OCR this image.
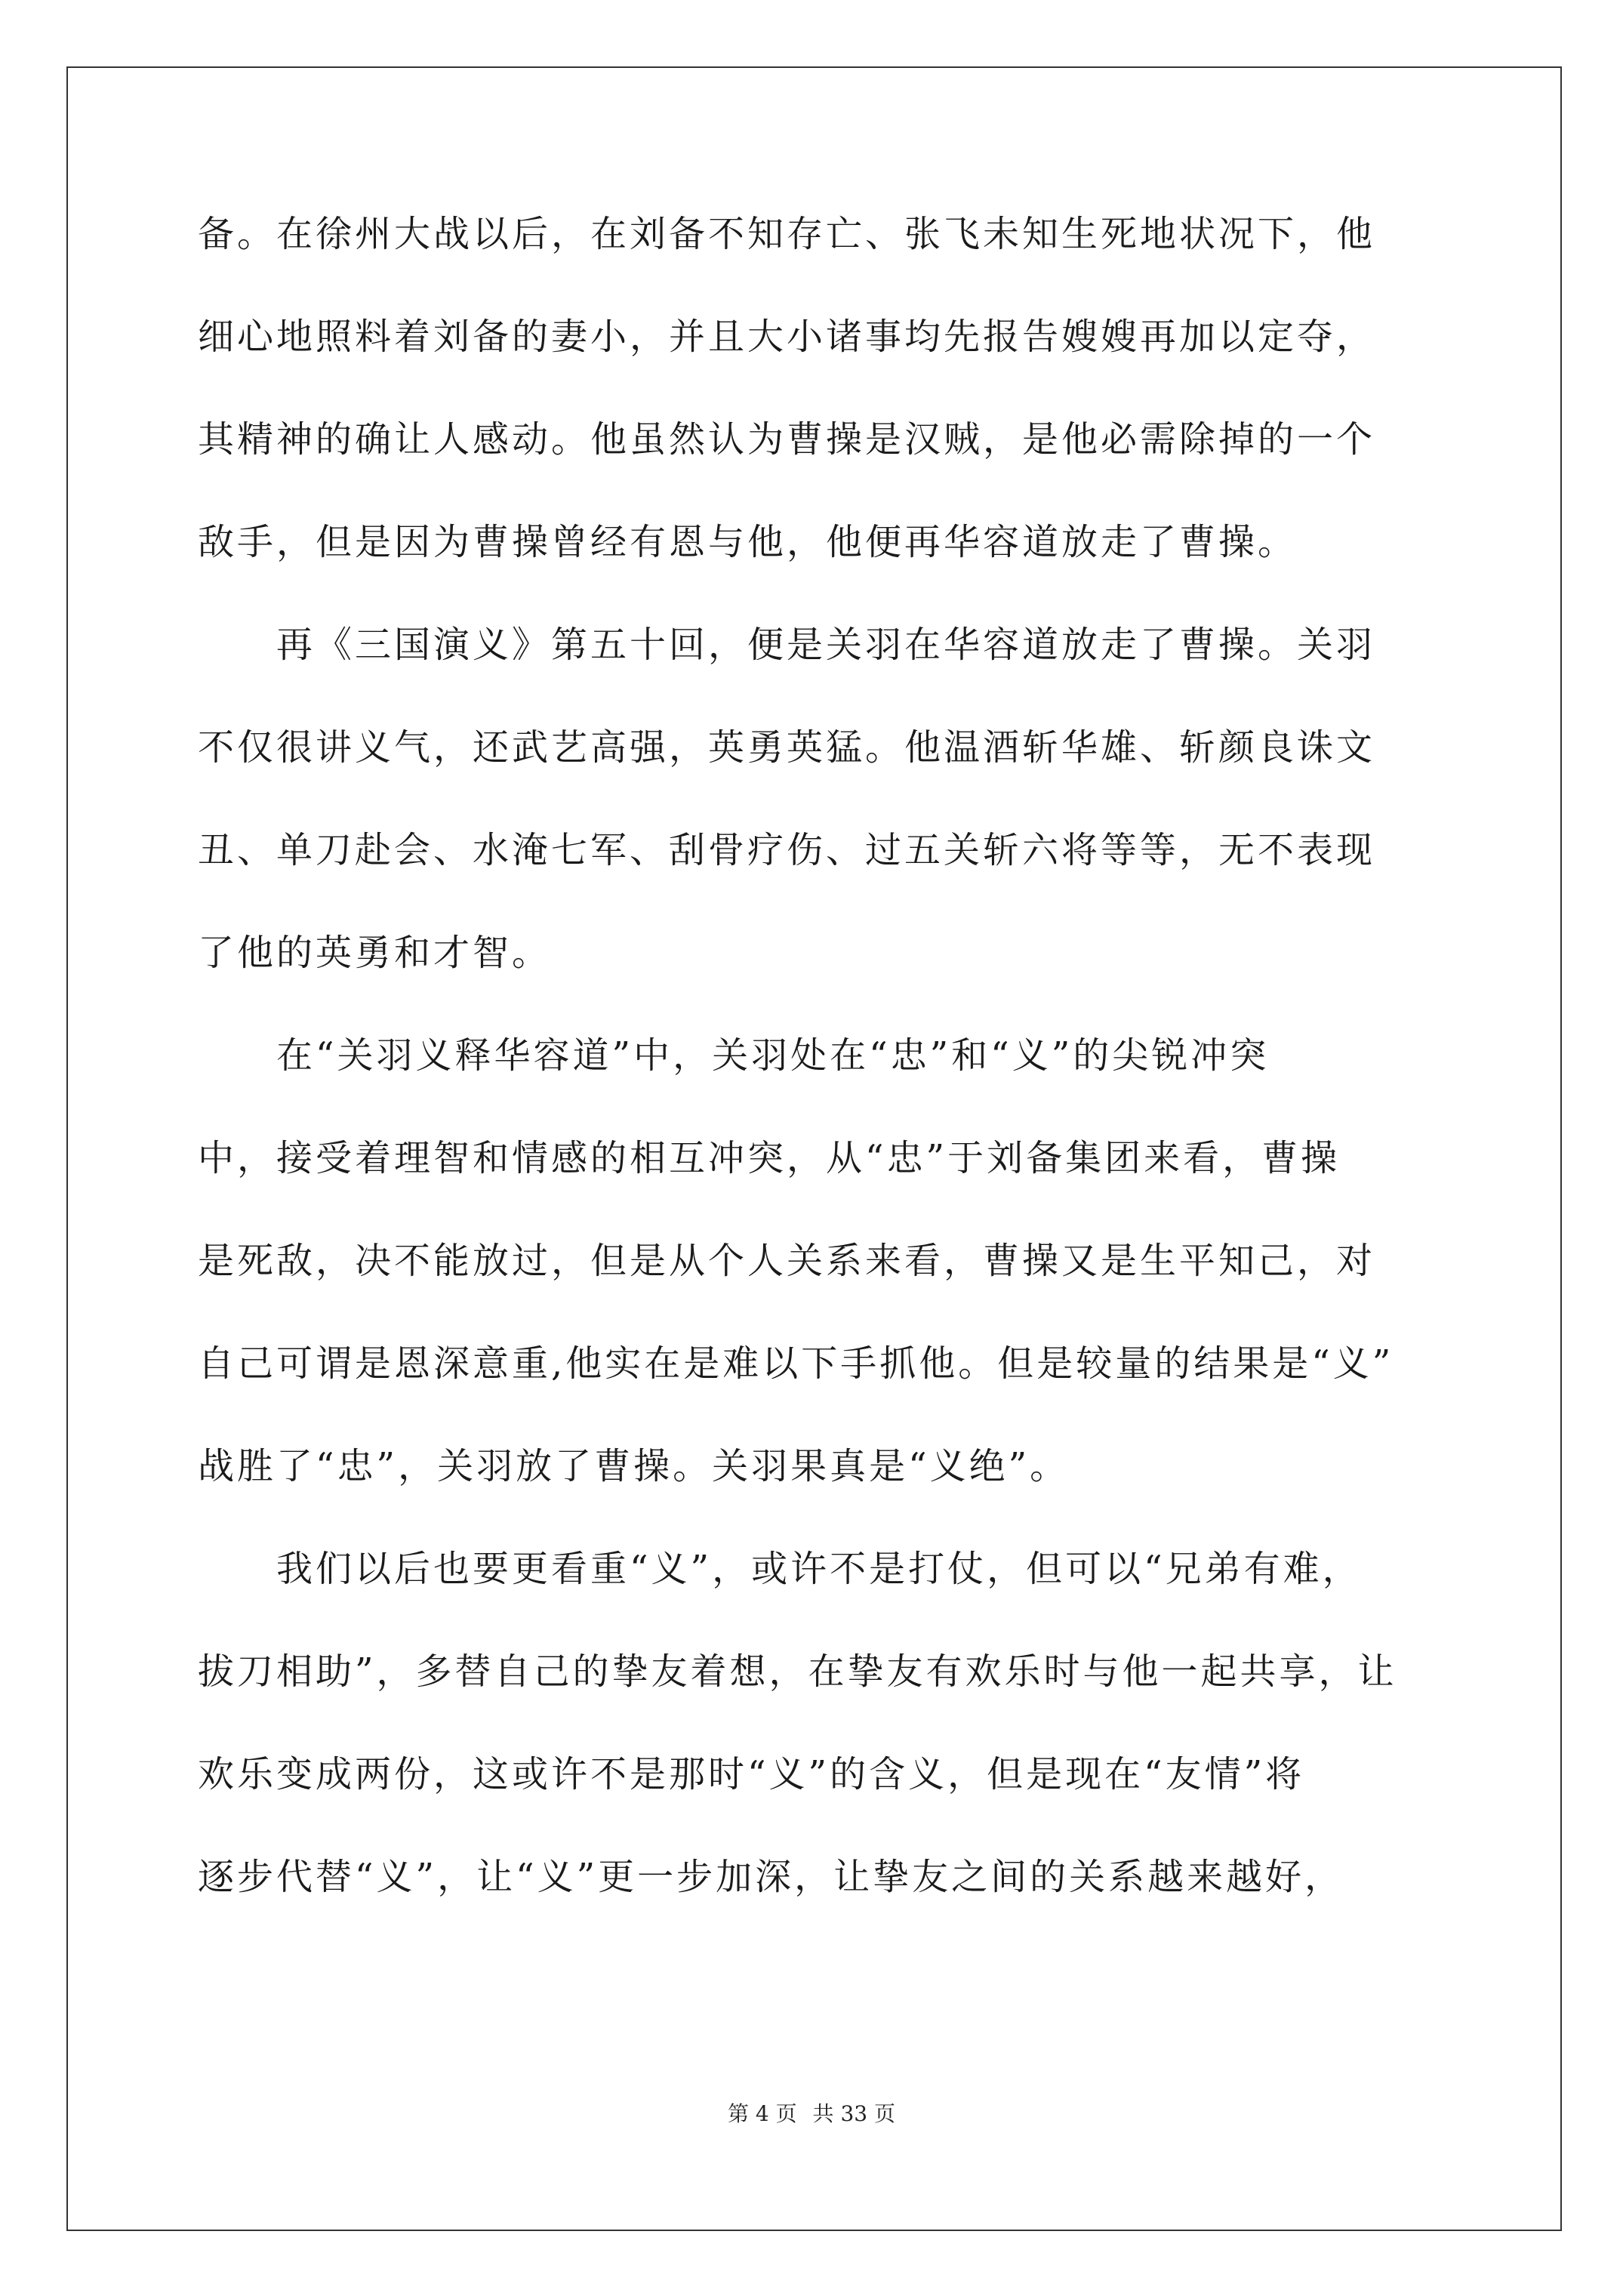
备。在徐州大战以后，在刘备不知存亡、张飞未知生死地状况下，他
细心地照料着刘备的妻小，并且大小诸事均先报告嫂嫂再加以定夺，
其精神的确让人感动。他虽然认为曹操是汉贼，是他必需除掉的一个
敌手，但是因为曹操曾经有恩与他，他便再华容道放走了曹操。
　　再《三国演义》第五十回，便是关羽在华容道放走了曹操。关羽
不仅很讲义气，还武艺高强，英勇英猛。他温酒斩华雄、斩颜良诛文
丑、单刀赴会、水淹七军、刮骨疗伤、过五关斩六将等等，无不表现
了他的英勇和才智。
　　在“关羽义释华容道”中，关羽处在“忠”和“义”的尖锐冲突
中，接受着理智和情感的相互冲突，从“忠”于刘备集团来看，曹操
是死敌，决不能放过，但是从个人关系来看，曹操又是生平知己，对
自己可谓是恩深意重,他实在是难以下手抓他。但是较量的结果是“义”
战胜了“忠”，关羽放了曹操。关羽果真是“义绝”。
　　我们以后也要更看重“义”，或许不是打仗，但可以“兄弟有难，
拔刀相助”，多替自己的挚友着想，在挚友有欢乐时与他一起共享，让
欢乐变成两份，这或许不是那时“义”的含义，但是现在“友情”将
逐步代替“义”，让“义”更一步加深，让挚友之间的关系越来越好，
第 4 页 共 33 页
